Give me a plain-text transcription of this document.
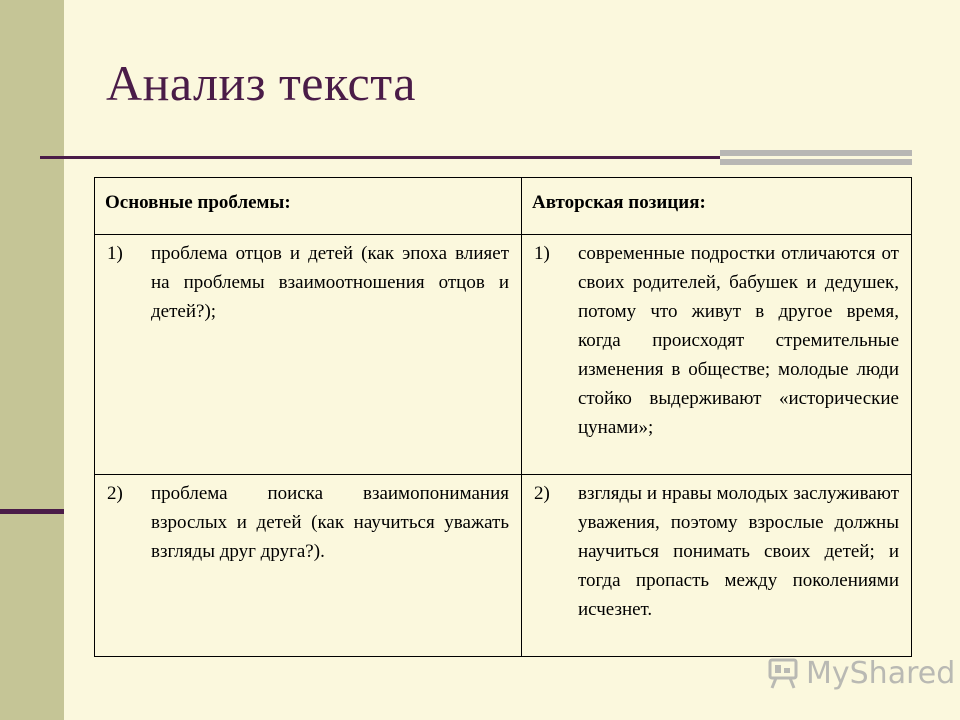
Анализ текста
Основные проблемы:	Авторская позиция:

1) проблема отцов и детей (как эпоха влияет на проблемы взаимоотношения отцов и детей?);	1) современные подростки отличаются от своих родителей, бабушек и дедушек, потому что живут в другое время, когда происходят стремительные изменения в обществе; молодые люди стойко выдерживают «исторические цунами»;

2) проблема поиска взаимопонимания взрослых и детей (как научиться уважать взгляды друг друга?).	2) взгляды и нравы молодых заслуживают уважения, поэтому взрослые должны научиться понимать своих детей; и тогда пропасть между поколениями исчезнет.
MyShared
